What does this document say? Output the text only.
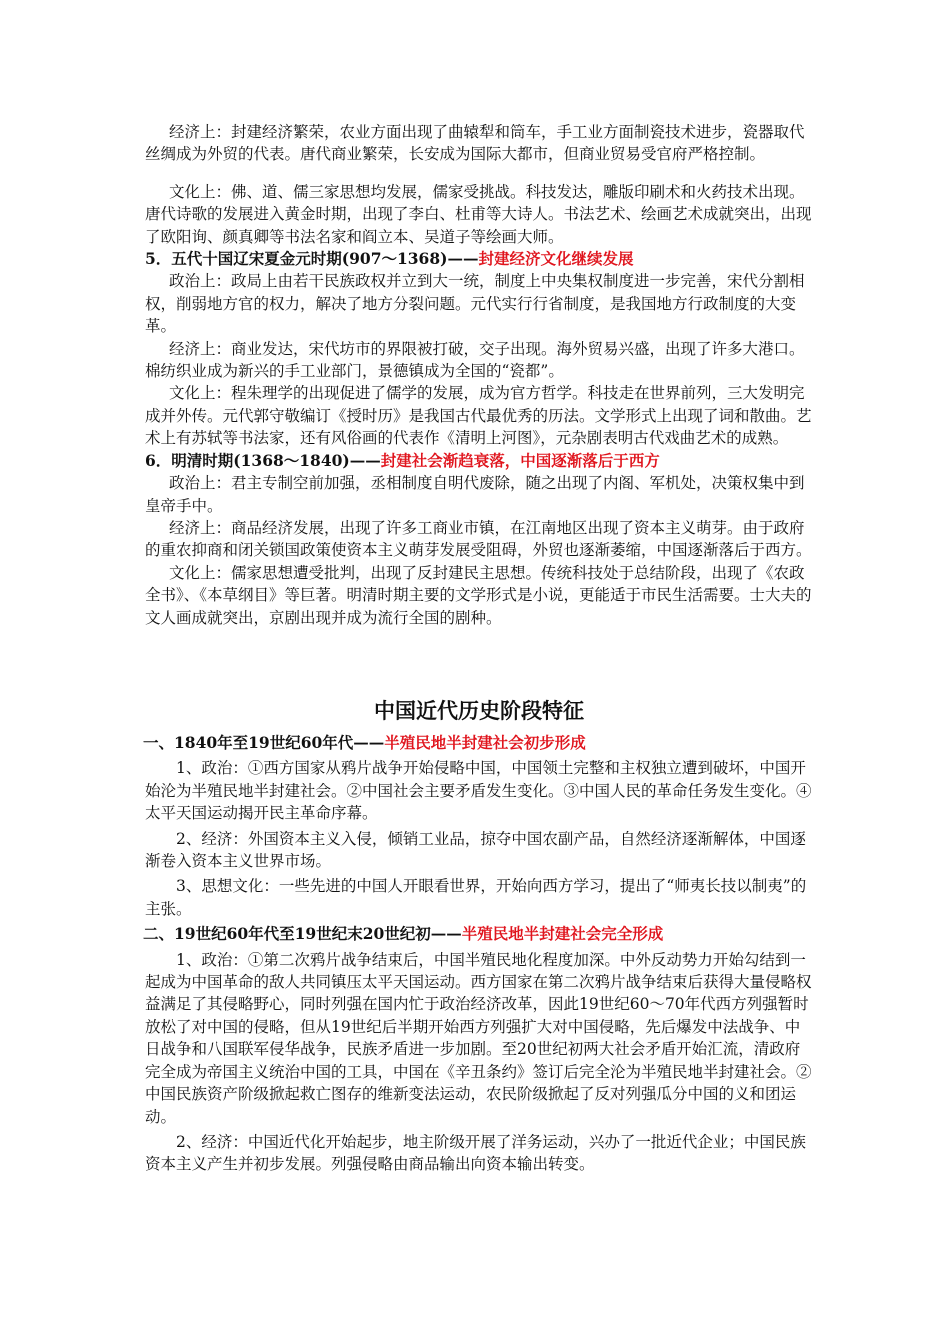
经济上：封建经济繁荣，农业方面出现了曲辕犁和筒车，手工业方面制瓷技术进步，瓷器取代丝绸成为外贸的代表。唐代商业繁荣，长安成为国际大都市，但商业贸易受官府严格控制。

文化上：佛、道、儒三家思想均发展，儒家受挑战。科技发达，雕版印刷术和火药技术出现。唐代诗歌的发展进入黄金时期，出现了李白、杜甫等大诗人。书法艺术、绘画艺术成就突出，出现了欧阳询、颜真卿等书法名家和阎立本、吴道子等绘画大师。

5．五代十国辽宋夏金元时期(907～1368)——封建经济文化继续发展

政治上：政局上由若干民族政权并立到大一统，制度上中央集权制度进一步完善，宋代分割相权，削弱地方官的权力，解决了地方分裂问题。元代实行行省制度，是我国地方行政制度的大变革。

经济上：商业发达，宋代坊市的界限被打破，交子出现。海外贸易兴盛，出现了许多大港口。棉纺织业成为新兴的手工业部门，景德镇成为全国的“瓷都”。

文化上：程朱理学的出现促进了儒学的发展，成为官方哲学。科技走在世界前列，三大发明完成并外传。元代郭守敬编订《授时历》是我国古代最优秀的历法。文学形式上出现了词和散曲。艺术上有苏轼等书法家，还有风俗画的代表作《清明上河图》，元杂剧表明古代戏曲艺术的成熟。

6．明清时期(1368～1840)——封建社会渐趋衰落，中国逐渐落后于西方

政治上：君主专制空前加强，丞相制度自明代废除，随之出现了内阁、军机处，决策权集中到皇帝手中。

经济上：商品经济发展，出现了许多工商业市镇，在江南地区出现了资本主义萌芽。由于政府的重农抑商和闭关锁国政策使资本主义萌芽发展受阻碍，外贸也逐渐萎缩，中国逐渐落后于西方。

文化上：儒家思想遭受批判，出现了反封建民主思想。传统科技处于总结阶段，出现了《农政全书》、《本草纲目》等巨著。明清时期主要的文学形式是小说，更能适于市民生活需要。士大夫的文人画成就突出，京剧出现并成为流行全国的剧种。

中国近代历史阶段特征

一、1840年至19世纪60年代——半殖民地半封建社会初步形成

1、政治：①西方国家从鸦片战争开始侵略中国，中国领土完整和主权独立遭到破坏，中国开始沦为半殖民地半封建社会。②中国社会主要矛盾发生变化。③中国人民的革命任务发生变化。④太平天国运动揭开民主革命序幕。

2、经济：外国资本主义入侵，倾销工业品，掠夺中国农副产品，自然经济逐渐解体，中国逐渐卷入资本主义世界市场。

3、思想文化：一些先进的中国人开眼看世界，开始向西方学习，提出了“师夷长技以制夷”的主张。

二、19世纪60年代至19世纪末20世纪初——半殖民地半封建社会完全形成

1、政治：①第二次鸦片战争结束后，中国半殖民地化程度加深。中外反动势力开始勾结到一起成为中国革命的敌人共同镇压太平天国运动。西方国家在第二次鸦片战争结束后获得大量侵略权益满足了其侵略野心，同时列强在国内忙于政治经济改革，因此19世纪60～70年代西方列强暂时放松了对中国的侵略，但从19世纪后半期开始西方列强扩大对中国侵略，先后爆发中法战争、中日战争和八国联军侵华战争，民族矛盾进一步加剧。至20世纪初两大社会矛盾开始汇流，清政府完全成为帝国主义统治中国的工具，中国在《辛丑条约》签订后完全沦为半殖民地半封建社会。②中国民族资产阶级掀起救亡图存的维新变法运动，农民阶级掀起了反对列强瓜分中国的义和团运动。

2、经济：中国近代化开始起步，地主阶级开展了洋务运动，兴办了一批近代企业；中国民族资本主义产生并初步发展。列强侵略由商品输出向资本输出转变。
